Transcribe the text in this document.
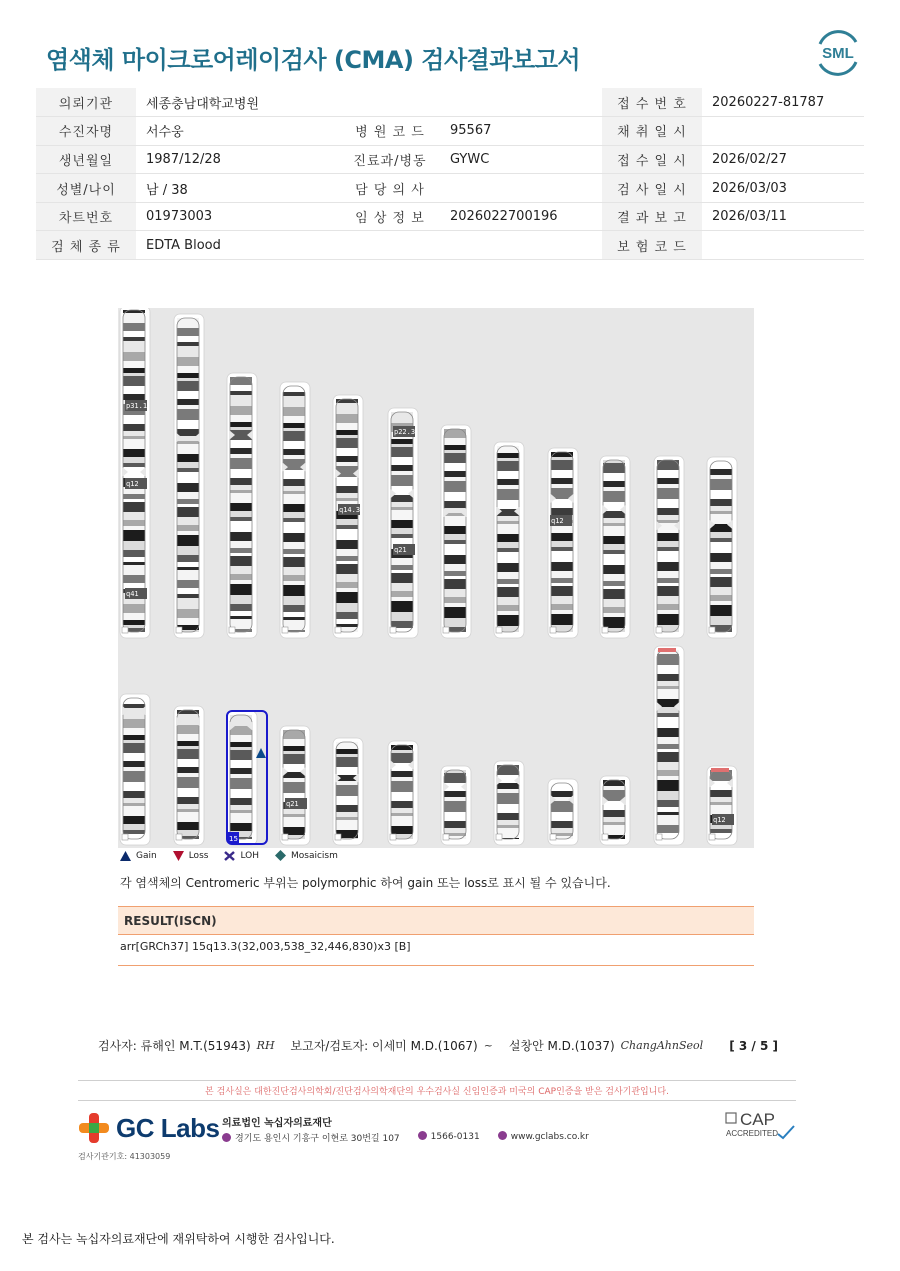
염색체 마이크로어레이검사 (CMA) 검사결과보고서	SML
의뢰기관	세종충남대학교병원			접 수 번 호	20260227-81787
수진자명	서수웅	병 원 코 드	95567	채 취 일 시	
생년월일	1987/12/28	진료과/병동	GYWC	접 수 일 시	2026/02/27
성별/나이	남 / 38	담 당 의 사		검 사 일 시	2026/03/03
차트번호	01973003	임 상 정 보	2026022700196	결 과 보 고	2026/03/11
검 체 종 류	EDTA Blood			보 험 코 드	
15
p31.1
q12
q41
p22.3
q14.3
q21
q12
q21
q12
Gain	Loss	LOH	Mosaicism
각 염색체의 Centromeric 부위는 polymorphic 하여 gain 또는 loss로 표시 될 수 있습니다.
RESULT(ISCN)
arr[GRCh37] 15q13.3(32,003,538_32,446,830)x3 [B]
검사자: 류해인 M.T.(51943) RH 보고자/검토자: 이세미 M.D.(1067) ~ 설창안 M.D.(1037) ChangAhnSeol [ 3 / 5 ]
본 검사실은 대한진단검사의학회/진단검사의학재단의 우수검사실 신임인증과 미국의 CAP인증을 받은 검사기관입니다.
GC Labs
검사기관기호: 41303059
의료법인 녹십자의료재단
경기도 용인시 기흥구 이현로 30번길 107	1566-0131	www.gclabs.co.kr
CAP
ACCREDITED
본 검사는 녹십자의료재단에 재위탁하여 시행한 검사입니다.
